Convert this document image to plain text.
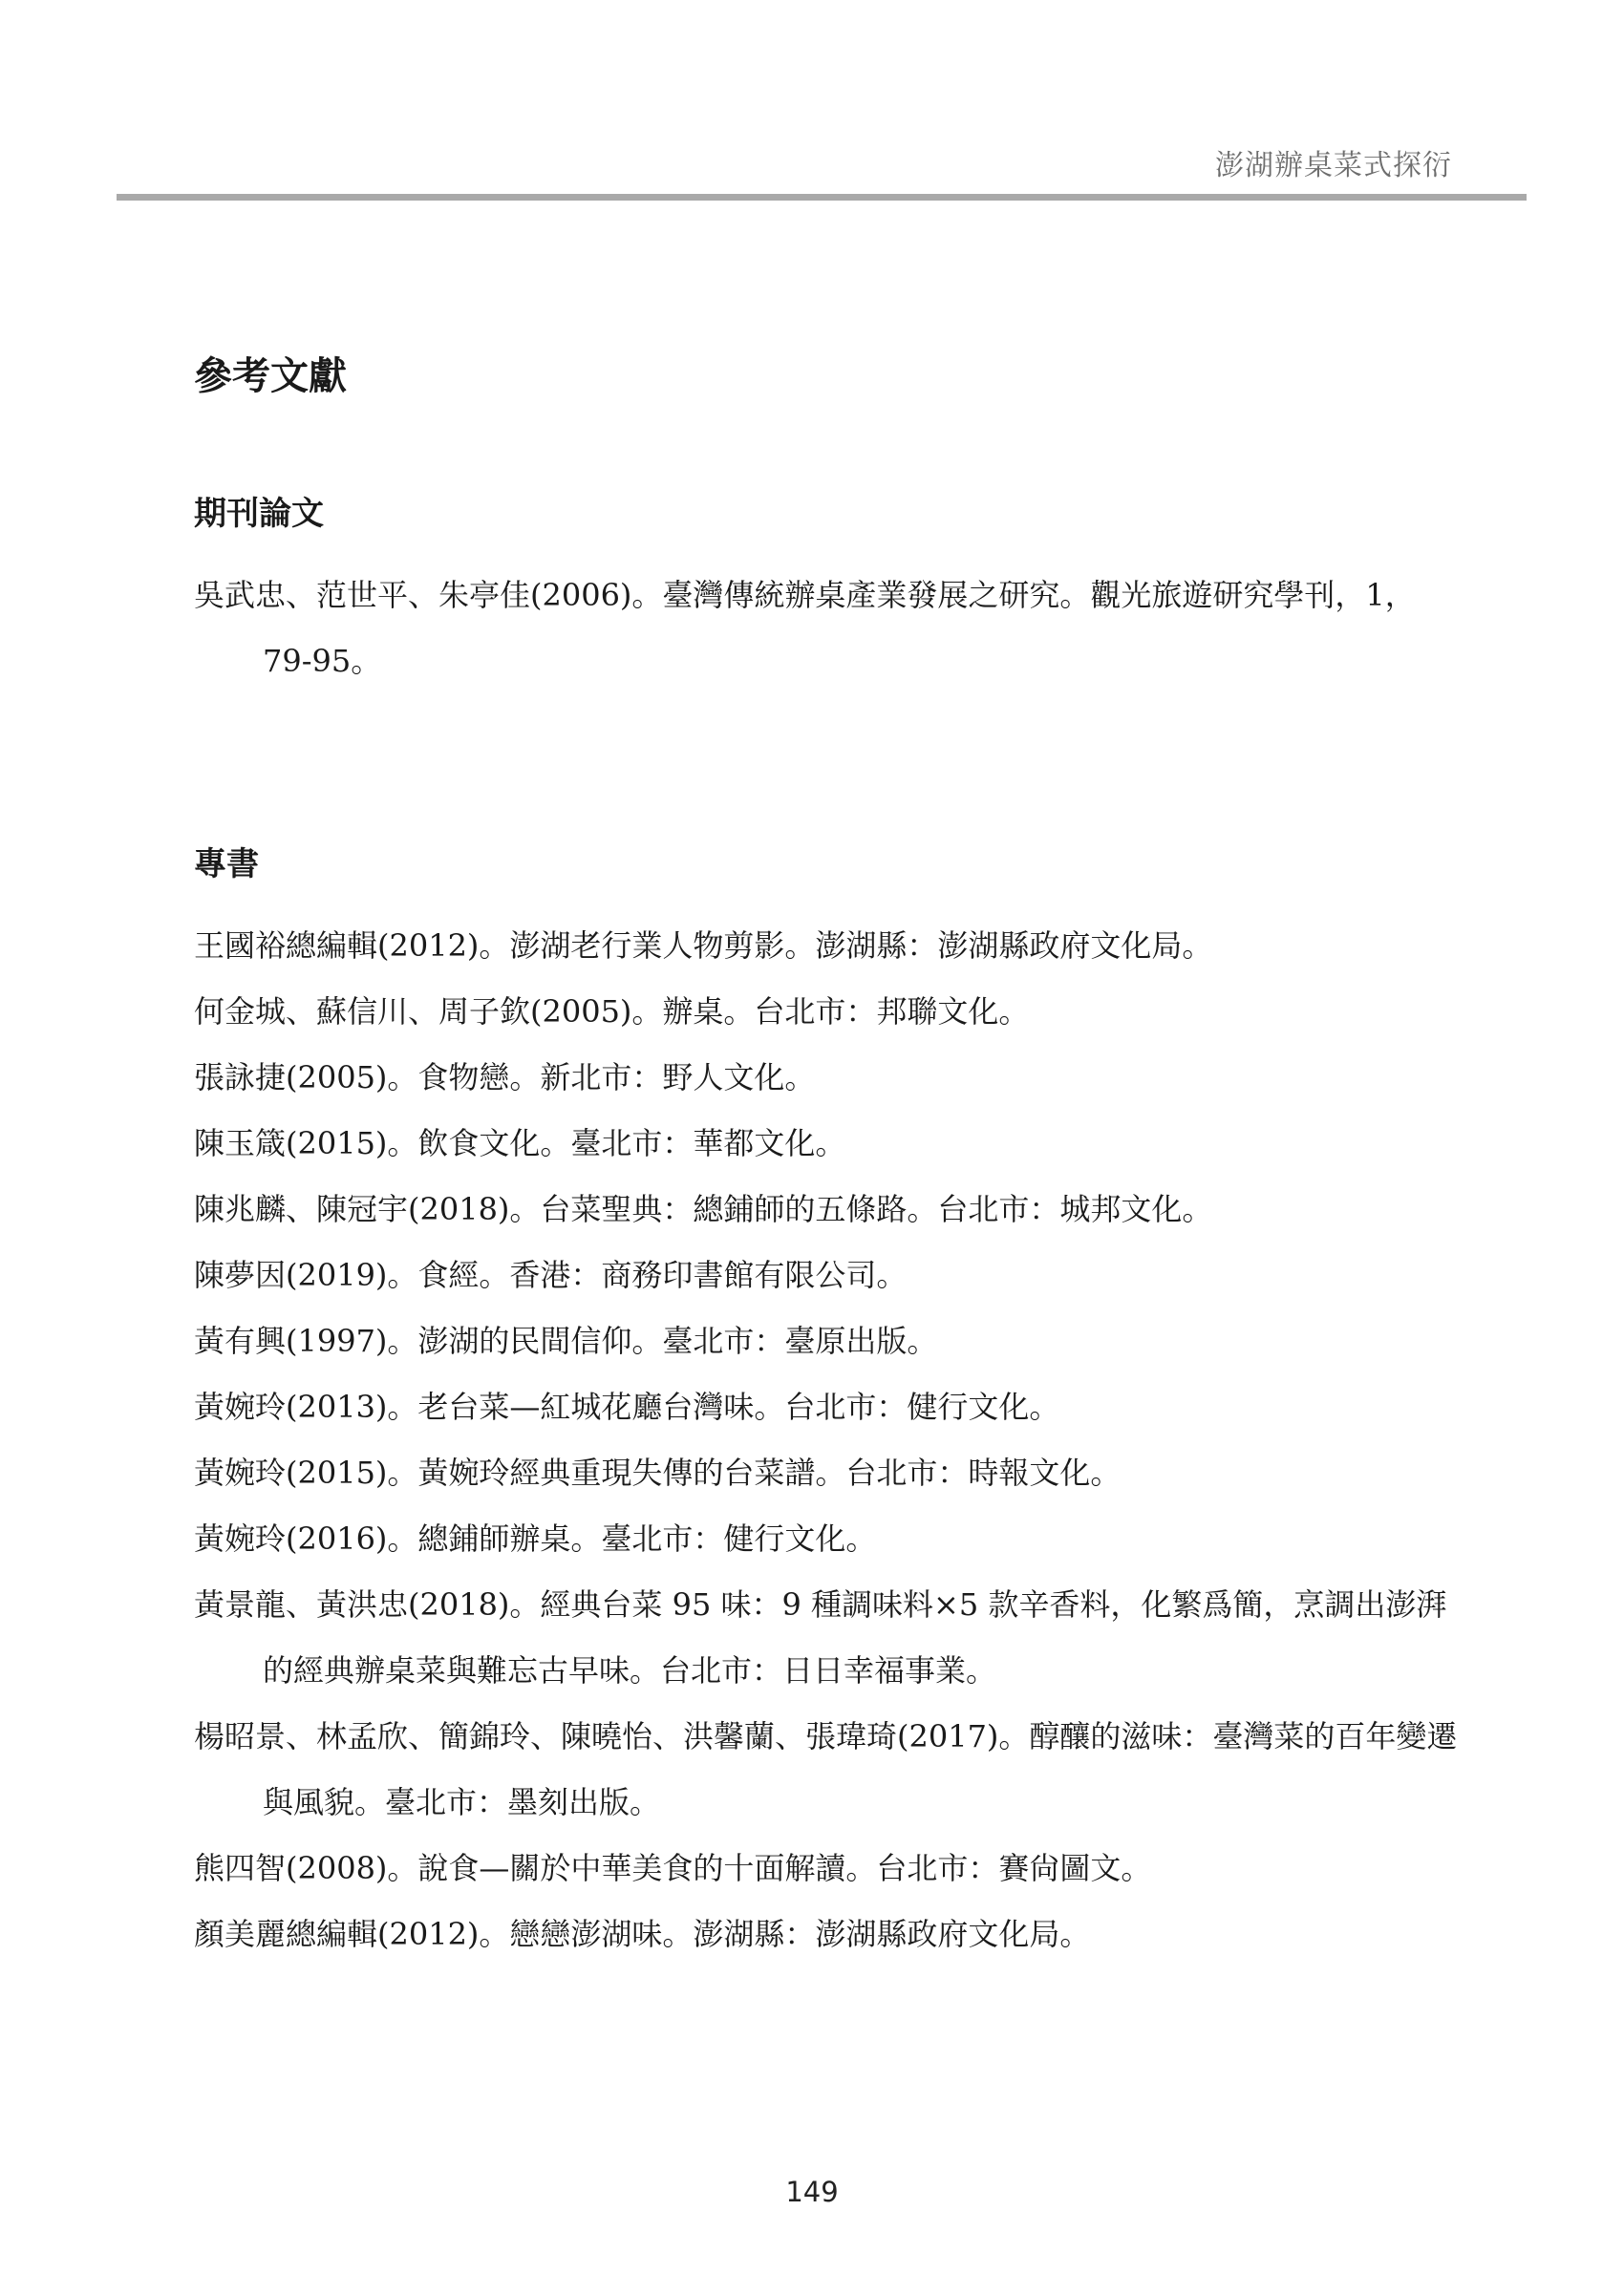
澎湖辦桌菜式探衍
參考文獻
期刊論文

吳武忠、范世平、朱亭佳(2006)。臺灣傳統辦桌產業發展之研究。觀光旅遊研究學刊，1，79-95。

專書

王國裕總編輯(2012)。澎湖老行業人物剪影。澎湖縣：澎湖縣政府文化局。

何金城、蘇信川、周子欽(2005)。辦桌。台北市：邦聯文化。

張詠捷(2005)。食物戀。新北市：野人文化。

陳玉箴(2015)。飲食文化。臺北市：華都文化。

陳兆麟、陳冠宇(2018)。台菜聖典：總鋪師的五條路。台北市：城邦文化。

陳夢因(2019)。食經。香港：商務印書館有限公司。

黃有興(1997)。澎湖的民間信仰。臺北市：臺原出版。

黃婉玲(2013)。老台菜—紅城花廳台灣味。台北市：健行文化。

黃婉玲(2015)。黃婉玲經典重現失傳的台菜譜。台北市：時報文化。

黃婉玲(2016)。總鋪師辦桌。臺北市：健行文化。

黃景龍、黃洪忠(2018)。經典台菜 95 味：9 種調味料×5 款辛香料，化繁爲簡，烹調出澎湃的經典辦桌菜與難忘古早味。台北市：日日幸福事業。

楊昭景、林孟欣、簡錦玲、陳曉怡、洪馨蘭、張瑋琦(2017)。醇釀的滋味：臺灣菜的百年變遷與風貌。臺北市：墨刻出版。

熊四智(2008)。說食—關於中華美食的十面解讀。台北市：賽尙圖文。

顏美麗總編輯(2012)。戀戀澎湖味。澎湖縣：澎湖縣政府文化局。

149
